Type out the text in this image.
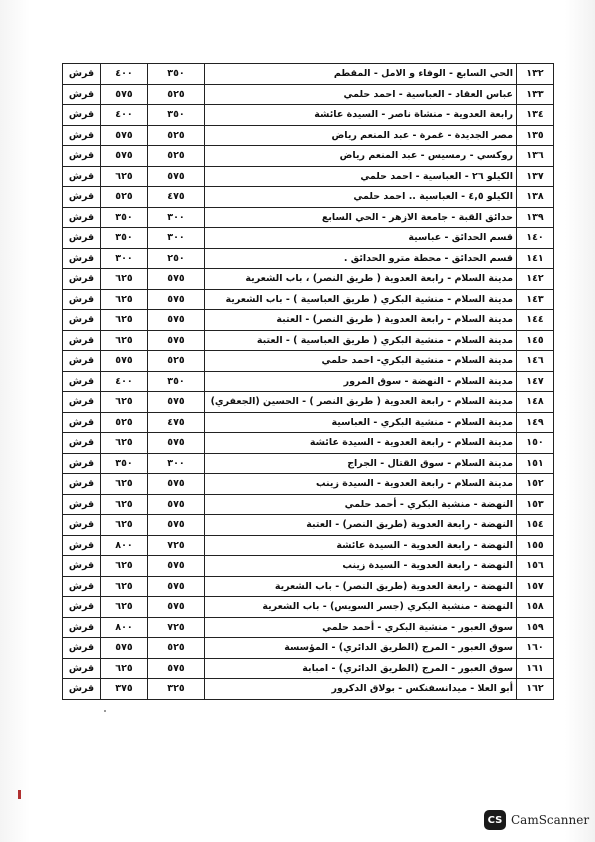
١٣٢	الحي السابع - الوفاء و الامل - المقطم	٣٥٠	٤٠٠	قرش
١٣٣	عباس العقاد - العباسية - احمد حلمي	٥٢٥	٥٧٥	قرش
١٣٤	رابعة العدوية - منشاة ناصر - السيدة عائشة	٣٥٠	٤٠٠	قرش
١٣٥	مصر الجديدة - غمرة - عبد المنعم رياض	٥٢٥	٥٧٥	قرش
١٣٦	روكسي - رمسيس - عبد المنعم رياض	٥٢٥	٥٧٥	قرش
١٣٧	الكيلو ٢٦ - العباسية - احمد حلمي	٥٧٥	٦٢٥	قرش
١٣٨	الكيلو ٤,٥ - العباسية .. احمد حلمي	٤٧٥	٥٢٥	قرش
١٣٩	حدائق القبة - جامعة الازهر - الحي السابع	٣٠٠	٣٥٠	قرش
١٤٠	قسم الحدائق - عباسية	٣٠٠	٣٥٠	قرش
١٤١	قسم الحدائق - محطة مترو الحدائق .	٢٥٠	٣٠٠	قرش
١٤٢	مدينة السلام - رابعة العدوية ( طريق النصر) ، باب الشعرية	٥٧٥	٦٢٥	قرش
١٤٣	مدينة السلام - منشية البكري ( طريق العباسية ) - باب الشعرية	٥٧٥	٦٢٥	قرش
١٤٤	مدينة السلام - رابعة العدوية ( طريق النصر) - العتبة	٥٧٥	٦٢٥	قرش
١٤٥	مدينة السلام - منشية البكري ( طريق العباسية ) - العتبة	٥٧٥	٦٢٥	قرش
١٤٦	مدينة السلام - منشية البكري- احمد حلمي	٥٢٥	٥٧٥	قرش
١٤٧	مدينة السلام - النهضة - سوق المرور	٣٥٠	٤٠٠	قرش
١٤٨	مدينة السلام - رابعة العدوية ( طريق النصر ) - الحسين (الجعفري)	٥٧٥	٦٢٥	قرش
١٤٩	مدينة السلام - منشية البكري - العباسية	٤٧٥	٥٢٥	قرش
١٥٠	مدينة السلام - رابعة العدوية - السيدة عائشة	٥٧٥	٦٢٥	قرش
١٥١	مدينة السلام - سوق القتال - الجراج	٣٠٠	٣٥٠	قرش
١٥٢	مدينة السلام - رابعة العدوية - السيدة زينب	٥٧٥	٦٢٥	قرش
١٥٣	النهضة - منشية البكري - أحمد حلمي	٥٧٥	٦٢٥	قرش
١٥٤	النهضة - رابعة العدوية (طريق النصر) - العتبة	٥٧٥	٦٢٥	قرش
١٥٥	النهضة - رابعة العدوية - السيدة عائشة	٧٢٥	٨٠٠	قرش
١٥٦	النهضة - رابعة العدوية - السيدة زينب	٥٧٥	٦٢٥	قرش
١٥٧	النهضة - رابعة العدوية (طريق النصر) - باب الشعرية	٥٧٥	٦٢٥	قرش
١٥٨	النهضة - منشية البكري (جسر السويس) - باب الشعرية	٥٧٥	٦٢٥	قرش
١٥٩	سوق العبور - منشية البكري - أحمد حلمي	٧٢٥	٨٠٠	قرش
١٦٠	سوق العبور - المرج (الطريق الدائري) - المؤسسة	٥٢٥	٥٧٥	قرش
١٦١	سوق العبور - المرج (الطريق الدائري) - امبابة	٥٧٥	٦٢٥	قرش
١٦٢	أبو العلا - ميدانسفنكس - بولاق الدكرور	٣٢٥	٣٧٥	قرش
CS CamScanner
